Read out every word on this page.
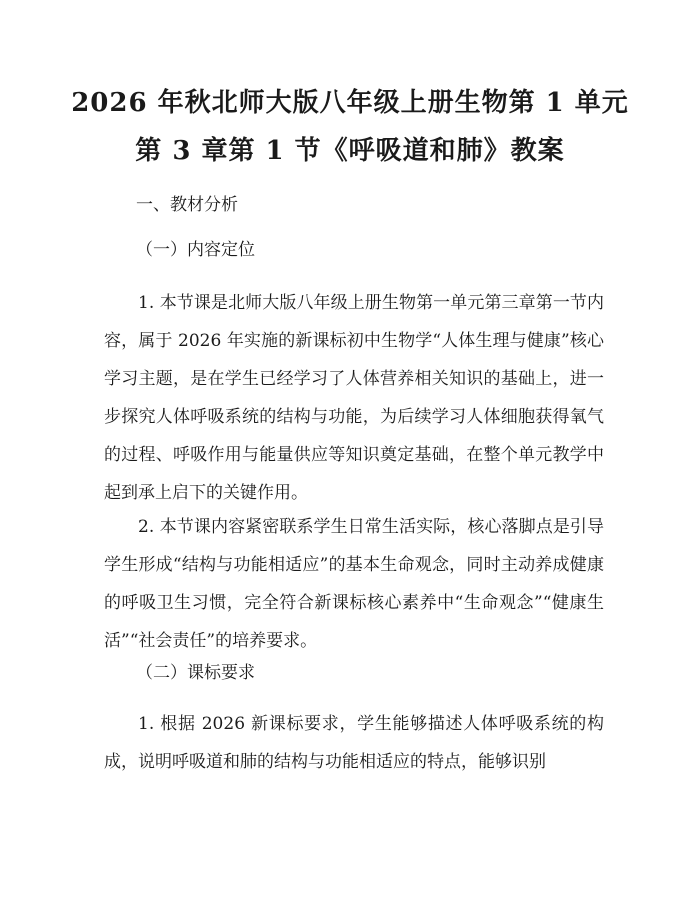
2026 年秋北师大版八年级上册生物第 1 单元
第 3 章第 1 节《呼吸道和肺》教案
一、教材分析
（一）内容定位

1. 本节课是北师大版八年级上册生物第一单元第三章第一节内容，属于 2026 年实施的新课标初中生物学“人体生理与健康”核心学习主题，是在学生已经学习了人体营养相关知识的基础上，进一步探究人体呼吸系统的结构与功能，为后续学习人体细胞获得氧气的过程、呼吸作用与能量供应等知识奠定基础，在整个单元教学中起到承上启下的关键作用。

2. 本节课内容紧密联系学生日常生活实际，核心落脚点是引导学生形成“结构与功能相适应”的基本生命观念，同时主动养成健康的呼吸卫生习惯，完全符合新课标核心素养中“生命观念”“健康生活”“社会责任”的培养要求。

（二）课标要求

1. 根据 2026 新课标要求，学生能够描述人体呼吸系统的构成，说明呼吸道和肺的结构与功能相适应的特点，能够识别
